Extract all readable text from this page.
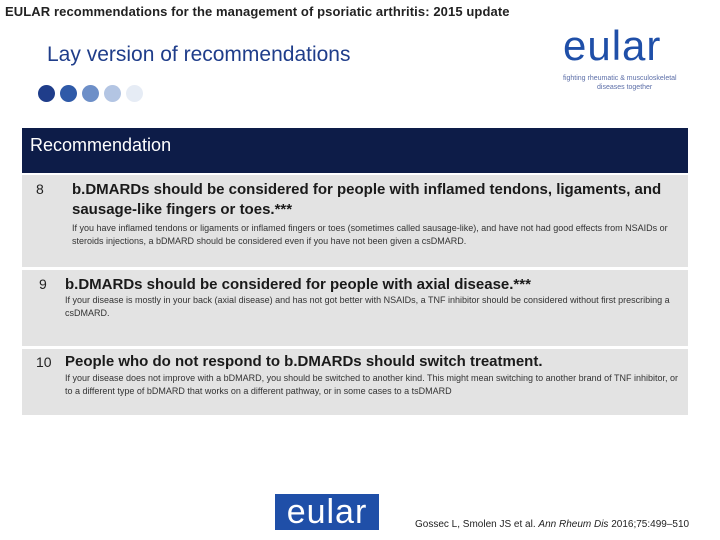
EULAR recommendations for the management of psoriatic arthritis: 2015 update
eular
fighting rheumatic & musculoskeletal
diseases together
Lay version of recommendations
Recommendation
8 b.DMARDs should be considered for people with inflamed tendons, ligaments, and sausage-like fingers or toes.***
If you have inflamed tendons or ligaments or inflamed fingers or toes (sometimes called sausage-like), and have not had good effects from NSAIDs or steroids injections, a bDMARD should be considered even if you have not been given a csDMARD.
9 b.DMARDs should be considered for people with axial disease.***
If your disease is mostly in your back (axial disease) and has not got better with NSAIDs, a TNF inhibitor should be considered without first prescribing a csDMARD.
10 People who do not respond to b.DMARDs should switch treatment.
If your disease does not improve with a bDMARD, you should be switched to another kind. This might mean switching to another brand of TNF inhibitor, or to a different type of bDMARD that works on a different pathway, or in some cases to a tsDMARD
eular	Gossec L, Smolen JS et al. Ann Rheum Dis 2016;75:499–510
